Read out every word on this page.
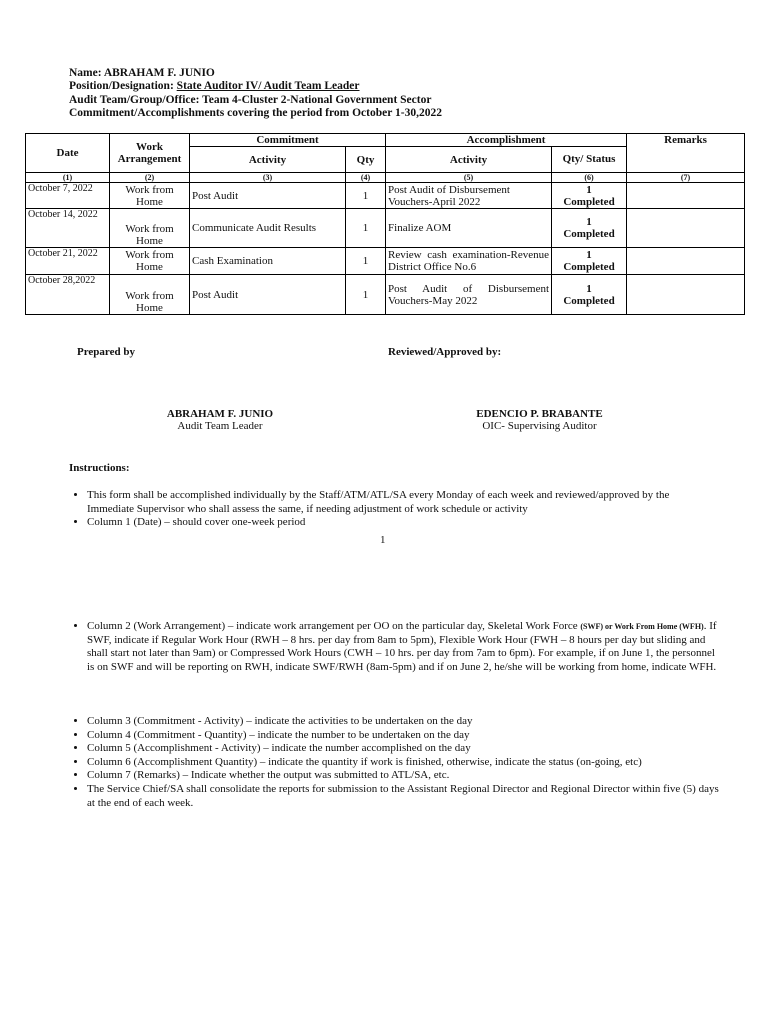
Name: ABRAHAM F. JUNIO
Position/Designation: State Auditor IV/ Audit Team Leader
Audit Team/Group/Office: Team 4-Cluster 2-National Government Sector
Commitment/Accomplishments covering the period from October 1-30,2022
Date	Work Arrangement	Commitment		Accomplishment		Remarks
		Activity	Qty	Activity	Qty/ Status	
(1)	(2)	(3)	(4)	(5)	(6)	(7)
October 7, 2022	Work from Home	Post Audit	1	Post Audit of Disbursement Vouchers-April 2022	1
Completed	

October 14, 2022	Work from Home	Communicate Audit Results	1	Finalize AOM	1
Completed	

October 21, 2022	Work from Home	Cash Examination	1	Review cash examination-Revenue District Office No.6	1
Completed	

October 28,2022	Work from Home	Post Audit	1	Post Audit of Disbursement Vouchers-May 2022	1
Completed	

Prepared by	Reviewed/Approved by:
ABRAHAM F. JUNIO
Audit Team Leader
EDENCIO P. BRABANTE
OIC- Supervising Auditor
Instructions:
• This form shall be accomplished individually by the Staff/ATM/ATL/SA every Monday of each week and reviewed/approved by the Immediate Supervisor who shall assess the same, if needing adjustment of work schedule or activity
• Column 1 (Date) – should cover one-week period
1
• Column 2 (Work Arrangement) – indicate work arrangement per OO on the particular day, Skeletal Work Force (SWF) or Work From Home (WFH). If SWF, indicate if Regular Work Hour (RWH – 8 hrs. per day from 8am to 5pm), Flexible Work Hour (FWH – 8 hours per day but sliding and shall start not later than 9am) or Compressed Work Hours (CWH – 10 hrs. per day from 7am to 6pm). For example, if on June 1, the personnel is on SWF and will be reporting on RWH, indicate SWF/RWH (8am-5pm) and if on June 2, he/she will be working from home, indicate WFH.
• Column 3 (Commitment - Activity) – indicate the activities to be undertaken on the day
• Column 4 (Commitment - Quantity) – indicate the number to be undertaken on the day
• Column 5 (Accomplishment - Activity) – indicate the number accomplished on the day
• Column 6 (Accomplishment Quantity) – indicate the quantity if work is finished, otherwise, indicate the status (on-going, etc)
• Column 7 (Remarks) – Indicate whether the output was submitted to ATL/SA, etc.
• The Service Chief/SA shall consolidate the reports for submission to the Assistant Regional Director and Regional Director within five (5) days at the end of each week.
